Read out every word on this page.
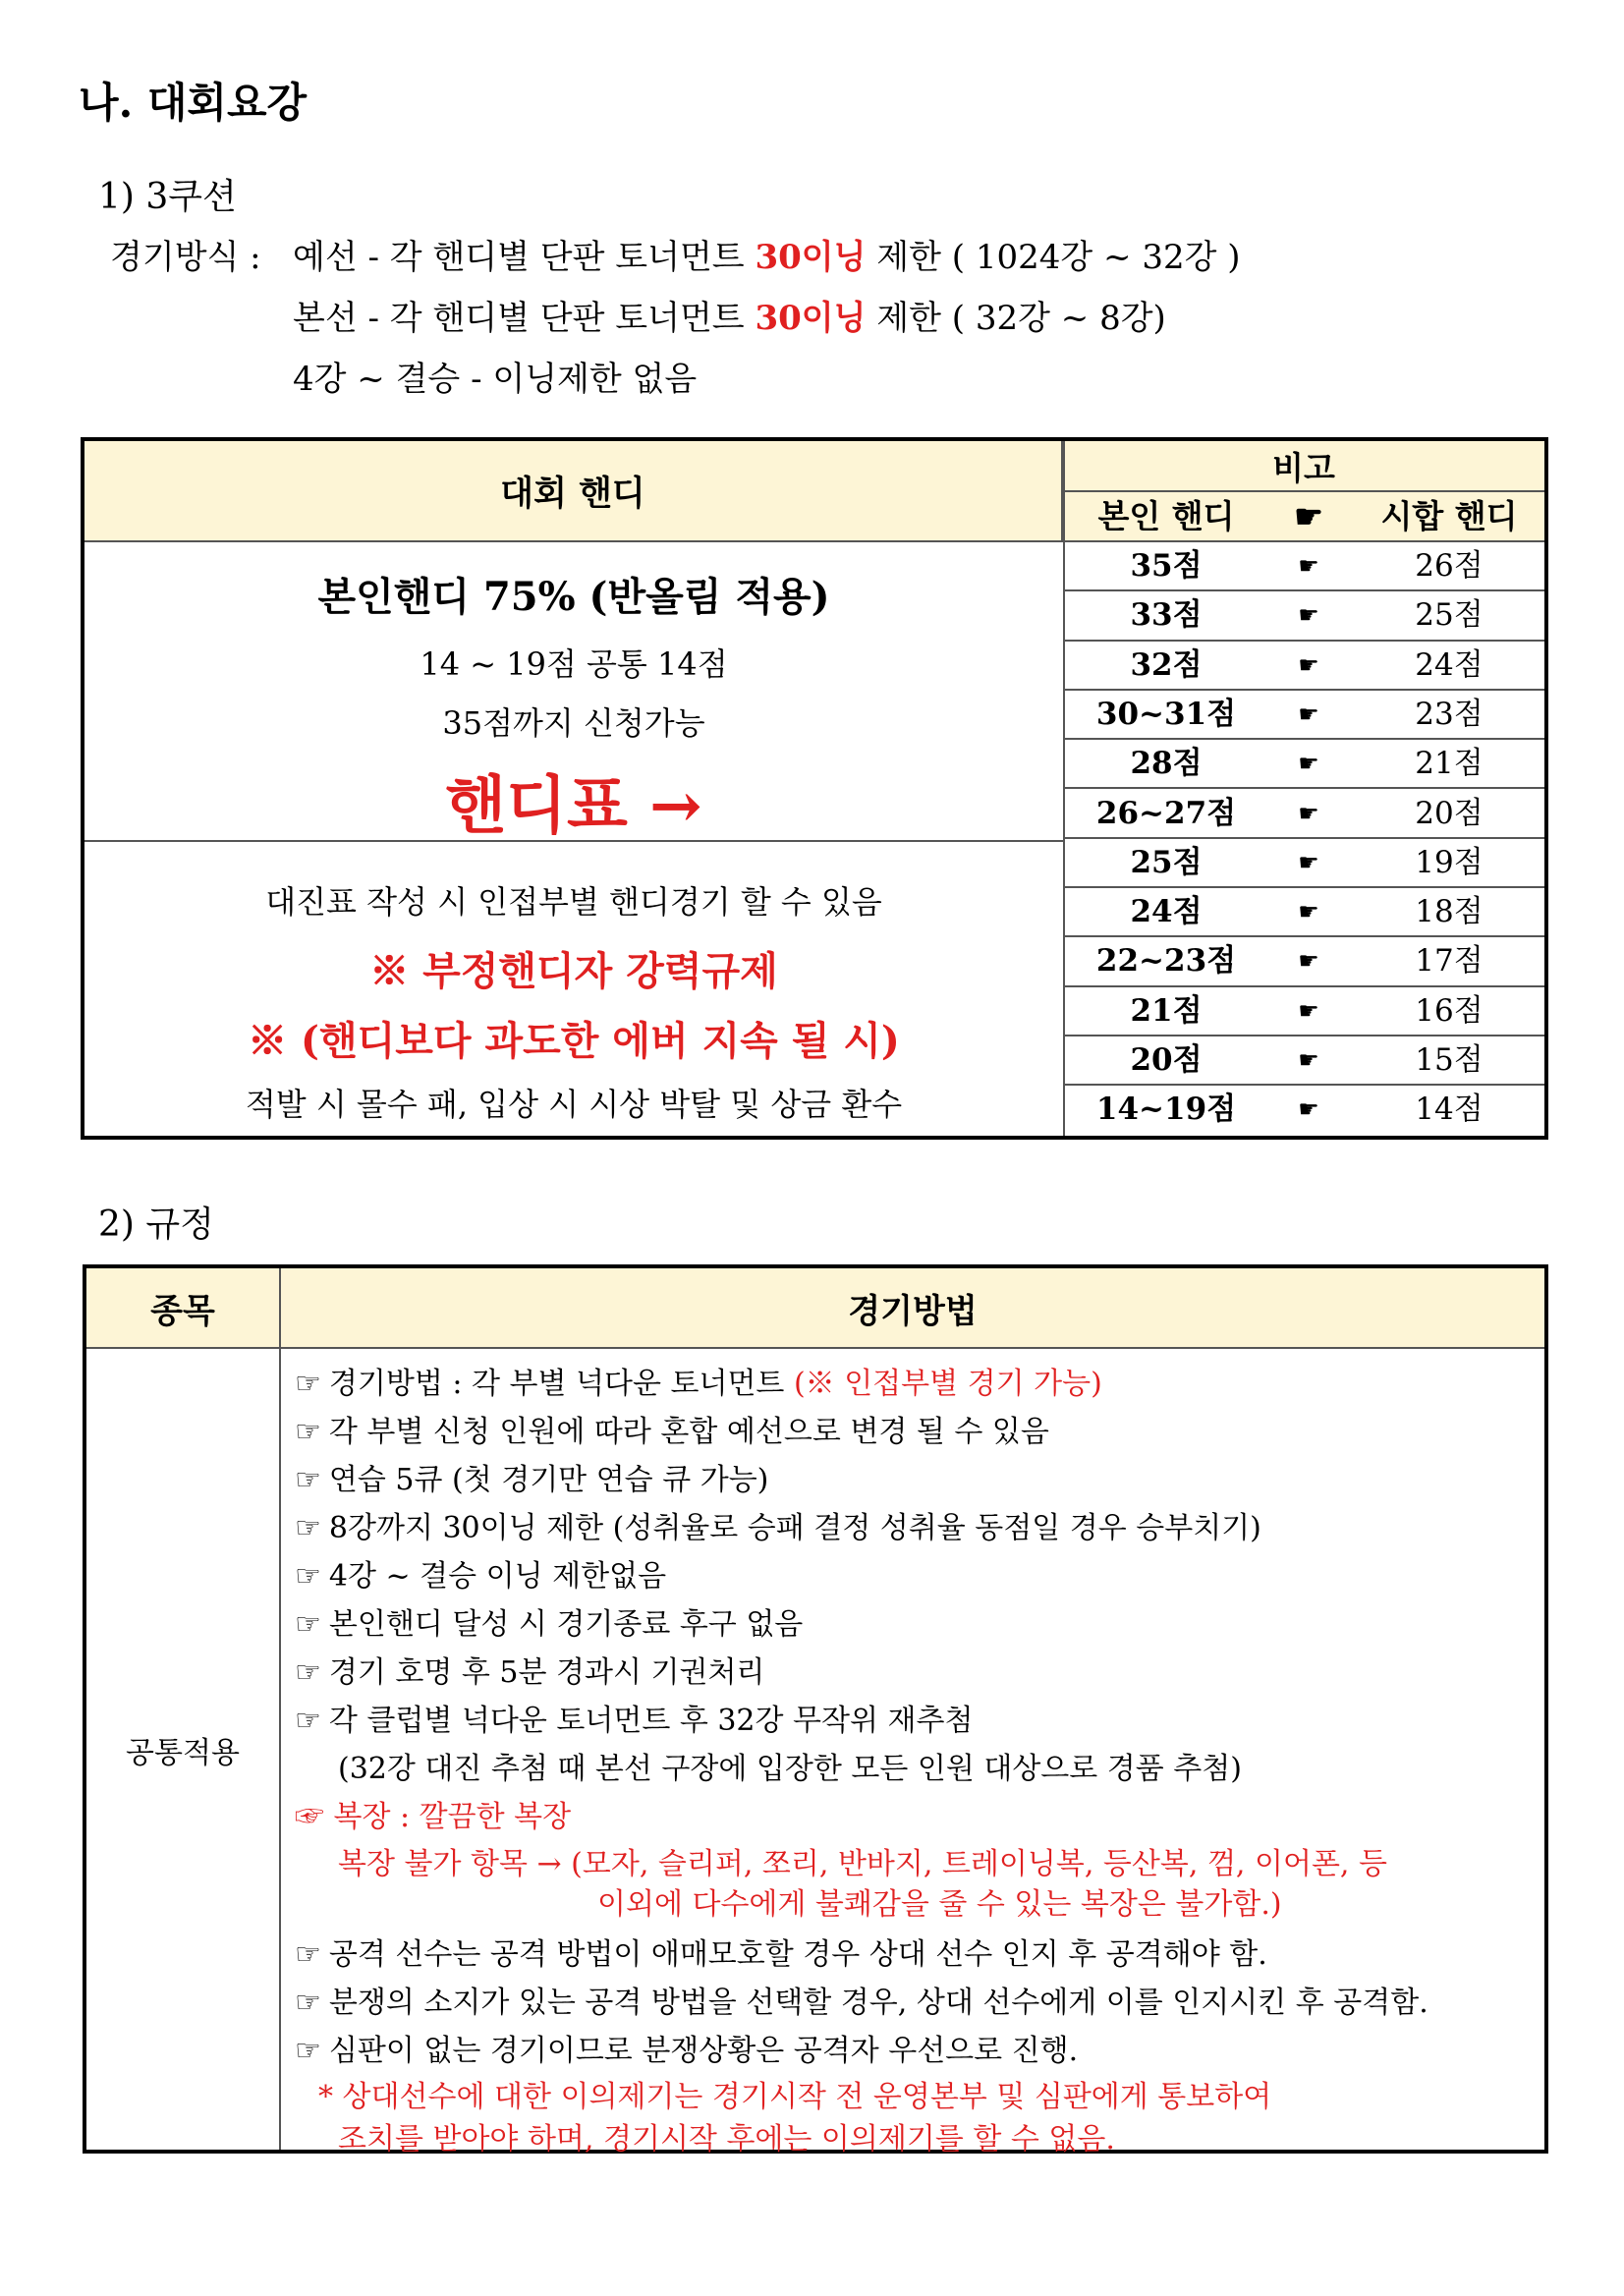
나. 대회요강
1) 3쿠션
경기방식 : 예선 - 각 핸디별 단판 토너먼트 30이닝 제한 ( 1024강 ~ 32강 )
본선 - 각 핸디별 단판 토너먼트 30이닝 제한 ( 32강 ~ 8강)
4강 ~ 결승 - 이닝제한 없음
대회 핸디
비고
본인 핸디	☛	시합 핸디
본인핸디 75% (반올림 적용)
14 ~ 19점 공통 14점
35점까지 신청가능
핸디표 →
대진표 작성 시 인접부별 핸디경기 할 수 있음
※ 부정핸디자 강력규제
※ (핸디보다 과도한 에버 지속 될 시)
적발 시 몰수 패, 입상 시 시상 박탈 및 상금 환수
35점	☛	26점
33점	☛	25점
32점	☛	24점
30~31점	☛	23점
28점	☛	21점
26~27점	☛	20점
25점	☛	19점
24점	☛	18점
22~23점	☛	17점
21점	☛	16점
20점	☛	15점
14~19점	☛	14점
2) 규정
종목	경기방법
공통적용
☞ 경기방법 : 각 부별 넉다운 토너먼트 (※ 인접부별 경기 가능)
☞ 각 부별 신청 인원에 따라 혼합 예선으로 변경 될 수 있음
☞ 연습 5큐 (첫 경기만 연습 큐 가능)
☞ 8강까지 30이닝 제한 (성취율로 승패 결정 성취율 동점일 경우 승부치기)
☞ 4강 ~ 결승 이닝 제한없음
☞ 본인핸디 달성 시 경기종료 후구 없음
☞ 경기 호명 후 5분 경과시 기권처리
☞ 각 클럽별 넉다운 토너먼트 후 32강 무작위 재추첨
(32강 대진 추첨 때 본선 구장에 입장한 모든 인원 대상으로 경품 추첨)
☞ 복장 : 깔끔한 복장
복장 불가 항목 → (모자, 슬리퍼, 쪼리, 반바지, 트레이닝복, 등산복, 껌, 이어폰, 등
이외에 다수에게 불쾌감을 줄 수 있는 복장은 불가함.)
☞ 공격 선수는 공격 방법이 애매모호할 경우 상대 선수 인지 후 공격해야 함.
☞ 분쟁의 소지가 있는 공격 방법을 선택할 경우, 상대 선수에게 이를 인지시킨 후 공격함.
☞ 심판이 없는 경기이므로 분쟁상황은 공격자 우선으로 진행.
* 상대선수에 대한 이의제기는 경기시작 전 운영본부 및 심판에게 통보하여
조치를 받아야 하며, 경기시작 후에는 이의제기를 할 수 없음.
